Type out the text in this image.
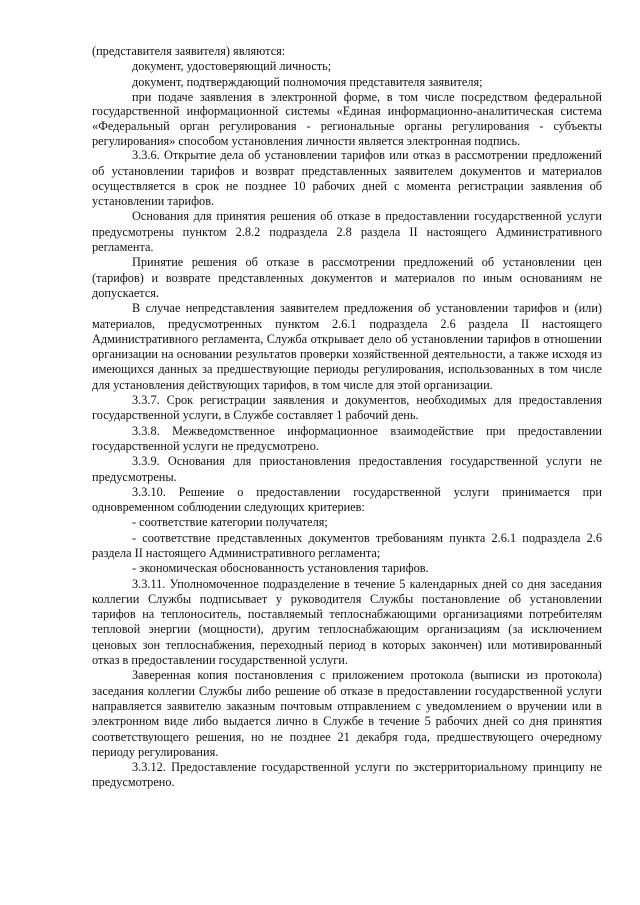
(представителя заявителя) являются:

документ, удостоверяющий личность;

документ, подтверждающий полномочия представителя заявителя;

при подаче заявления в электронной форме, в том числе посредством федеральной государственной информационной системы «Единая информационно-аналитическая система «Федеральный орган регулирования - региональные органы регулирования - субъекты регулирования» способом установления личности является электронная подпись.

3.3.6. Открытие дела об установлении тарифов или отказ в рассмотрении предложений об установлении тарифов и возврат представленных заявителем документов и материалов осуществляется в срок не позднее 10 рабочих дней с момента регистрации заявления об установлении тарифов.

Основания для принятия решения об отказе в предоставлении государственной услуги предусмотрены пунктом 2.8.2 подраздела 2.8 раздела II настоящего Административного регламента.

Принятие решения об отказе в рассмотрении предложений об установлении цен (тарифов) и возврате представленных документов и материалов по иным основаниям не допускается.

В случае непредставления заявителем предложения об установлении тарифов и (или) материалов, предусмотренных пунктом 2.6.1 подраздела 2.6 раздела II настоящего Административного регламента, Служба открывает дело об установлении тарифов в отношении организации на основании результатов проверки хозяйственной деятельности, а также исходя из имеющихся данных за предшествующие периоды регулирования, использованных в том числе для установления действующих тарифов, в том числе для этой организации.

3.3.7. Срок регистрации заявления и документов, необходимых для предоставления государственной услуги, в Службе составляет 1 рабочий день.

3.3.8. Межведомственное информационное взаимодействие при предоставлении государственной услуги не предусмотрено.

3.3.9. Основания для приостановления предоставления государственной услуги не предусмотрены.

3.3.10. Решение о предоставлении государственной услуги принимается при одновременном соблюдении следующих критериев:

- соответствие категории получателя;

- соответствие представленных документов требованиям пункта 2.6.1 подраздела 2.6 раздела II настоящего Административного регламента;

- экономическая обоснованность установления тарифов.

3.3.11. Уполномоченное подразделение в течение 5 календарных дней со дня заседания коллегии Службы подписывает у руководителя Службы постановление об установлении тарифов на теплоноситель, поставляемый теплоснабжающими организациями потребителям тепловой энергии (мощности), другим теплоснабжающим организациям (за исключением ценовых зон теплоснабжения, переходный период в которых закончен) или мотивированный отказ в предоставлении государственной услуги.

Заверенная копия постановления с приложением протокола (выписки из протокола) заседания коллегии Службы либо решение об отказе в предоставлении государственной услуги направляется заявителю заказным почтовым отправлением с уведомлением о вручении или в электронном виде либо выдается лично в Службе в течение 5 рабочих дней со дня принятия соответствующего решения, но не позднее 21 декабря года, предшествующего очередному периоду регулирования.

3.3.12. Предоставление государственной услуги по экстерриториальному принципу не предусмотрено.
